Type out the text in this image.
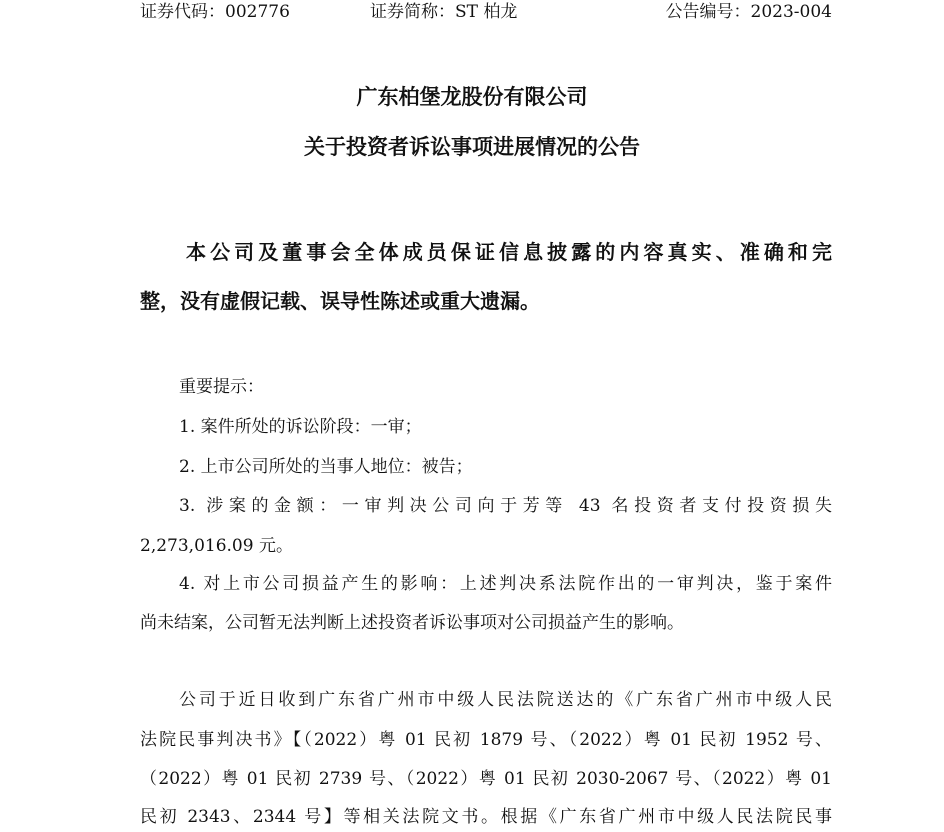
证券代码：002776	证券简称：ST 柏龙	公告编号：2023-004
广东柏堡龙股份有限公司
关于投资者诉讼事项进展情况的公告
本公司及董事会全体成员保证信息披露的内容真实、准确和完
整，没有虚假记载、误导性陈述或重大遗漏。
重要提示：
1. 案件所处的诉讼阶段：一审；
2. 上市公司所处的当事人地位：被告；
3. 涉案的金额：一审判决公司向于芳等 43 名投资者支付投资损失
2,273,016.09 元。
4. 对上市公司损益产生的影响：上述判决系法院作出的一审判决，鉴于案件
尚未结案，公司暂无法判断上述投资者诉讼事项对公司损益产生的影响。
公司于近日收到广东省广州市中级人民法院送达的《广东省广州市中级人民
法院民事判决书》【（2022）粤 01 民初 1879 号、（2022）粤 01 民初 1952 号、
（2022）粤 01 民初 2739 号、（2022）粤 01 民初 2030-2067 号、（2022）粤 01
民初 2343、2344 号】等相关法院文书。根据《广东省广州市中级人民法院民事
